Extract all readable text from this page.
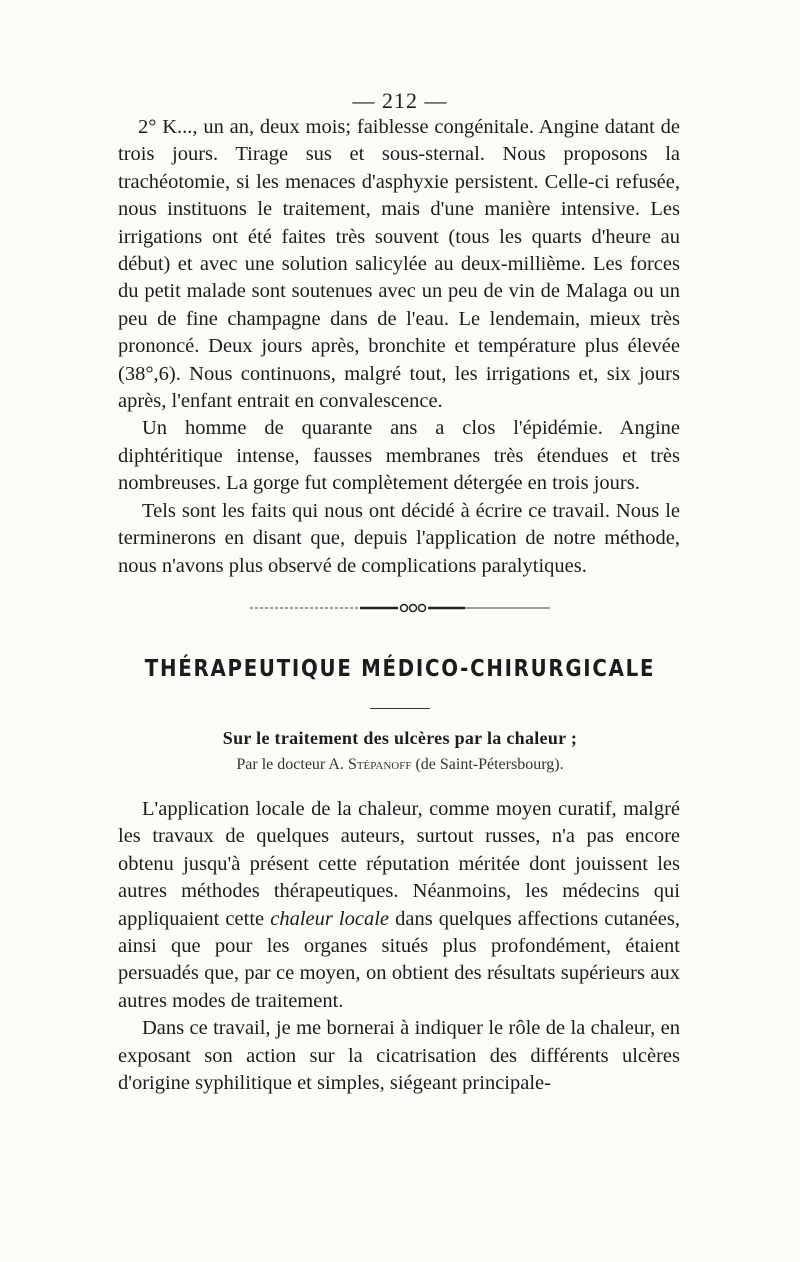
— 212 —

2° K..., un an, deux mois; faiblesse congénitale. Angine datant de trois jours. Tirage sus et sous-sternal. Nous proposons la trachéotomie, si les menaces d'asphyxie persistent. Celle-ci refusée, nous instituons le traitement, mais d'une manière intensive. Les irrigations ont été faites très souvent (tous les quarts d'heure au début) et avec une solution salicylée au deux-millième. Les forces du petit malade sont soutenues avec un peu de vin de Malaga ou un peu de fine champagne dans de l'eau. Le lendemain, mieux très prononcé. Deux jours après, bronchite et température plus élevée (38°,6). Nous continuons, malgré tout, les irrigations et, six jours après, l'enfant entrait en convalescence.

Un homme de quarante ans a clos l'épidémie. Angine diphtéritique intense, fausses membranes très étendues et très nombreuses. La gorge fut complètement détergée en trois jours.

Tels sont les faits qui nous ont décidé à écrire ce travail. Nous le terminerons en disant que, depuis l'application de notre méthode, nous n'avons plus observé de complications paralytiques.

THÉRAPEUTIQUE MÉDICO-CHIRURGICALE
Sur le traitement des ulcères par la chaleur ;
Par le docteur A. Stépanoff (de Saint-Pétersbourg).

L'application locale de la chaleur, comme moyen curatif, malgré les travaux de quelques auteurs, surtout russes, n'a pas encore obtenu jusqu'à présent cette réputation méritée dont jouissent les autres méthodes thérapeutiques. Néanmoins, les médecins qui appliquaient cette chaleur locale dans quelques affections cutanées, ainsi que pour les organes situés plus profondément, étaient persuadés que, par ce moyen, on obtient des résultats supérieurs aux autres modes de traitement.

Dans ce travail, je me bornerai à indiquer le rôle de la chaleur, en exposant son action sur la cicatrisation des différents ulcères d'origine syphilitique et simples, siégeant principale-
